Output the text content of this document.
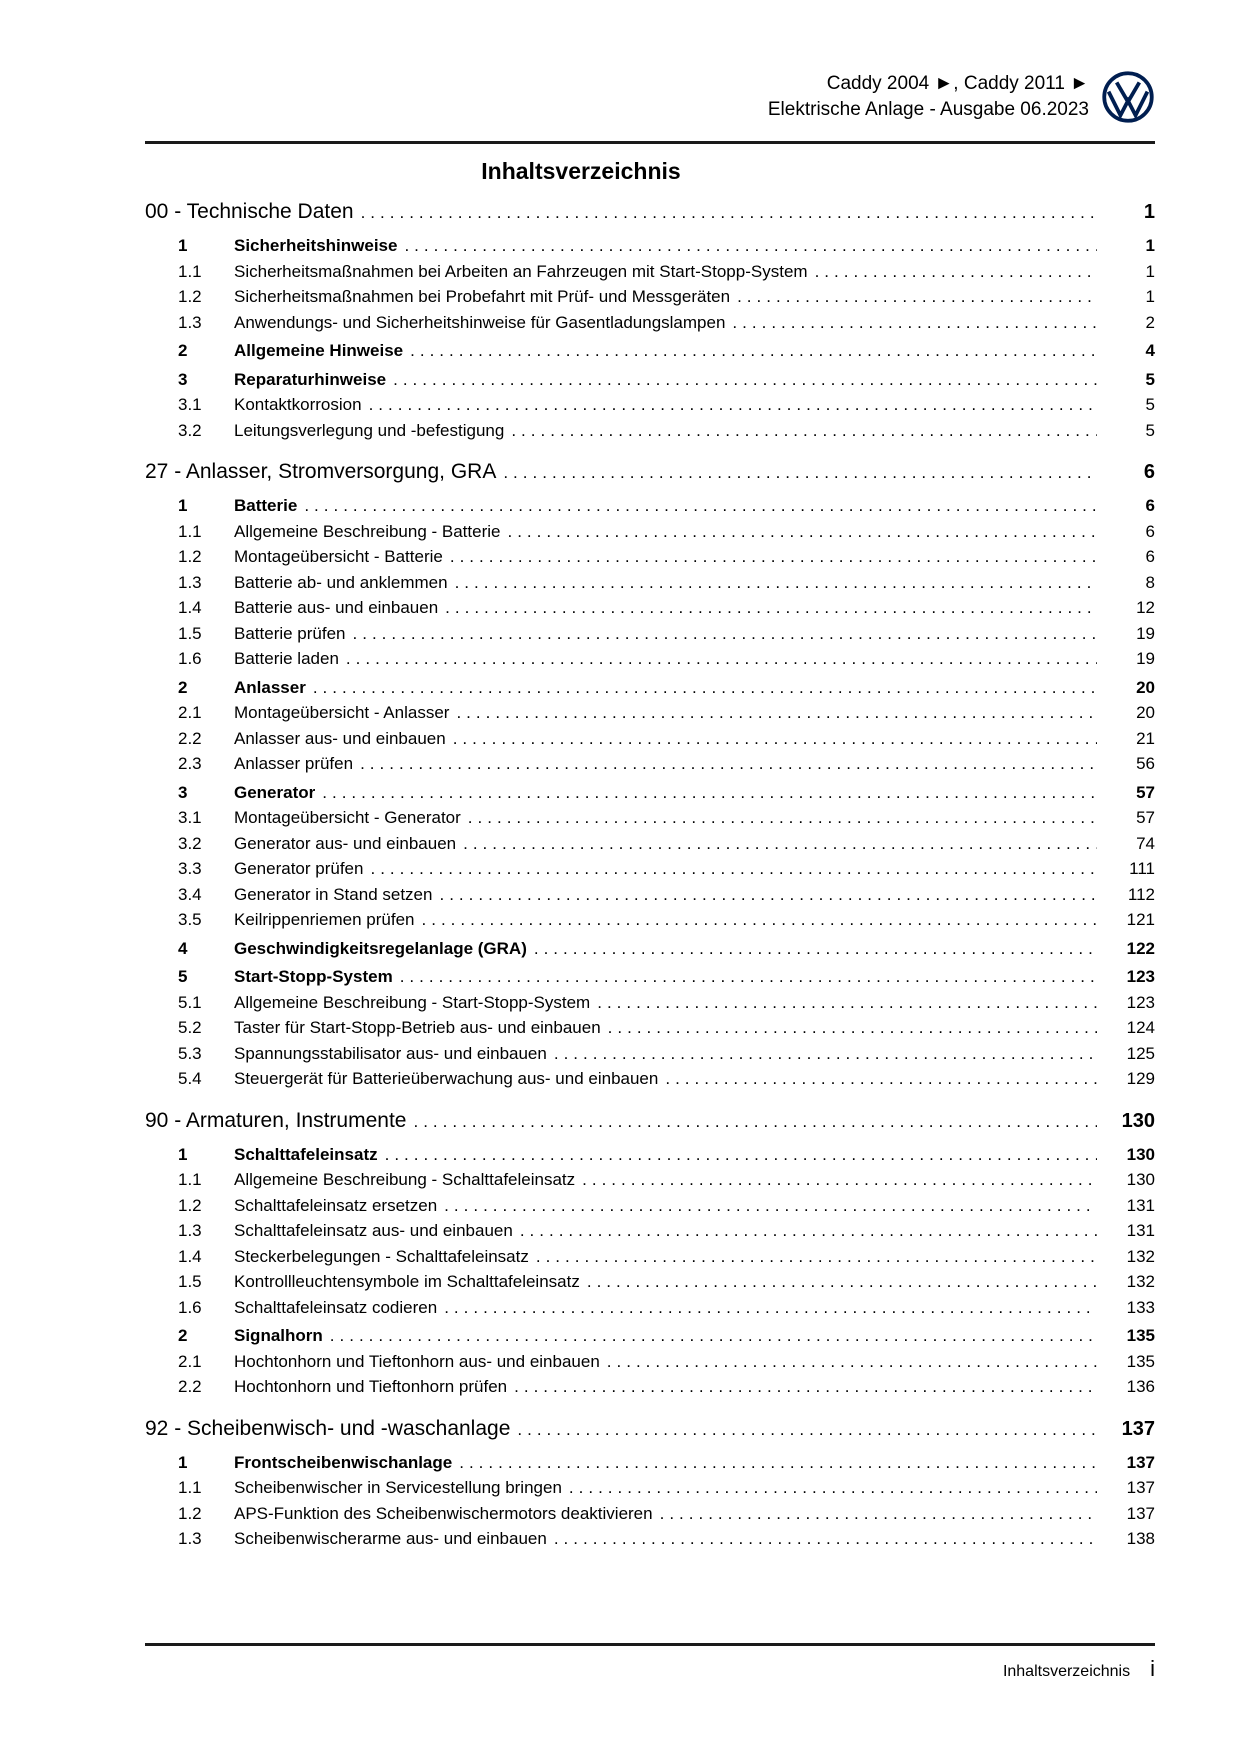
Caddy 2004 ►, Caddy 2011 ►
Elektrische Anlage - Ausgabe 06.2023
Inhaltsverzeichnis
00 - Technische Daten .....	1
1	Sicherheitshinweise .....	1
1.1	Sicherheitsmaßnahmen bei Arbeiten an Fahrzeugen mit Start-Stopp-System .....	1
1.2	Sicherheitsmaßnahmen bei Probefahrt mit Prüf- und Messgeräten .....	1
1.3	Anwendungs- und Sicherheitshinweise für Gasentladungslampen .....	2
2	Allgemeine Hinweise .....	4
3	Reparaturhinweise .....	5
3.1	Kontaktkorrosion .....	5
3.2	Leitungsverlegung und -befestigung .....	5
27 - Anlasser, Stromversorgung, GRA .....	6
1	Batterie .....	6
1.1	Allgemeine Beschreibung - Batterie .....	6
1.2	Montageübersicht - Batterie .....	6
1.3	Batterie ab- und anklemmen .....	8
1.4	Batterie aus- und einbauen .....	12
1.5	Batterie prüfen .....	19
1.6	Batterie laden .....	19
2	Anlasser .....	20
2.1	Montageübersicht - Anlasser .....	20
2.2	Anlasser aus- und einbauen .....	21
2.3	Anlasser prüfen .....	56
3	Generator .....	57
3.1	Montageübersicht - Generator .....	57
3.2	Generator aus- und einbauen .....	74
3.3	Generator prüfen .....	111
3.4	Generator in Stand setzen .....	112
3.5	Keilrippenriemen prüfen .....	121
4	Geschwindigkeitsregelanlage (GRA) .....	122
5	Start-Stopp-System .....	123
5.1	Allgemeine Beschreibung - Start-Stopp-System .....	123
5.2	Taster für Start-Stopp-Betrieb aus- und einbauen .....	124
5.3	Spannungsstabilisator aus- und einbauen .....	125
5.4	Steuergerät für Batterieüberwachung aus- und einbauen .....	129
90 - Armaturen, Instrumente .....	130
1	Schalttafeleinsatz .....	130
1.1	Allgemeine Beschreibung - Schalttafeleinsatz .....	130
1.2	Schalttafeleinsatz ersetzen .....	131
1.3	Schalttafeleinsatz aus- und einbauen .....	131
1.4	Steckerbelegungen - Schalttafeleinsatz .....	132
1.5	Kontrollleuchtensymbole im Schalttafeleinsatz .....	132
1.6	Schalttafeleinsatz codieren .....	133
2	Signalhorn .....	135
2.1	Hochtonhorn und Tieftonhorn aus- und einbauen .....	135
2.2	Hochtonhorn und Tieftonhorn prüfen .....	136
92 - Scheibenwisch- und -waschanlage .....	137
1	Frontscheibenwischanlage .....	137
1.1	Scheibenwischer in Servicestellung bringen .....	137
1.2	APS-Funktion des Scheibenwischermotors deaktivieren .....	137
1.3	Scheibenwischerarme aus- und einbauen .....	138
Inhaltsverzeichnis i
